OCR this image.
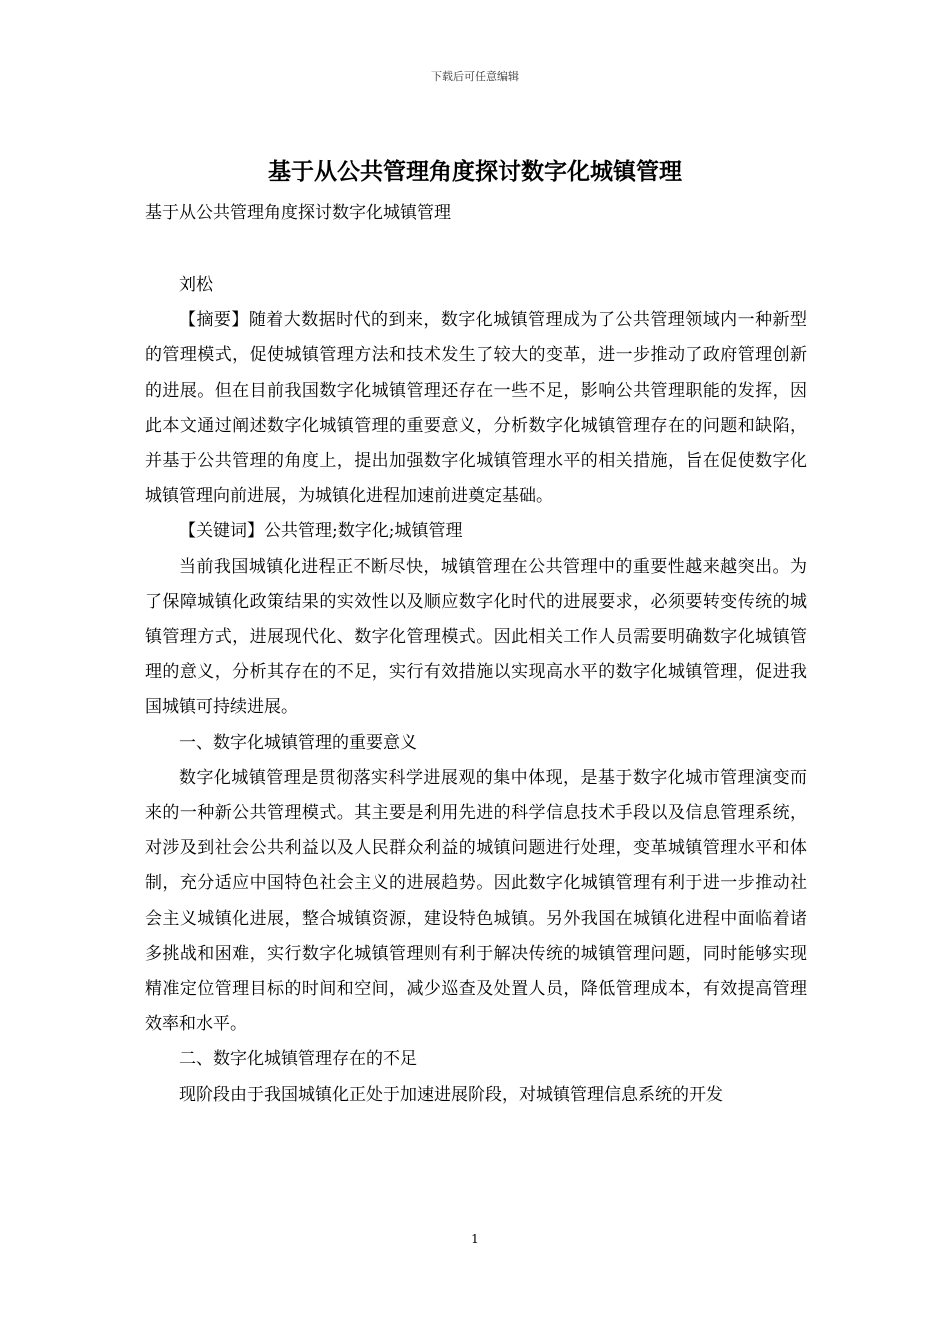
下载后可任意编辑
基于从公共管理角度探讨数字化城镇管理

基于从公共管理角度探讨数字化城镇管理

刘松

【摘要】随着大数据时代的到来，数字化城镇管理成为了公共管理领域内一种新型的管理模式，促使城镇管理方法和技术发生了较大的变革，进一步推动了政府管理创新的进展。但在目前我国数字化城镇管理还存在一些不足，影响公共管理职能的发挥，因此本文通过阐述数字化城镇管理的重要意义，分析数字化城镇管理存在的问题和缺陷，并基于公共管理的角度上，提出加强数字化城镇管理水平的相关措施，旨在促使数字化城镇管理向前进展，为城镇化进程加速前进奠定基础。

【关键词】公共管理;数字化;城镇管理

当前我国城镇化进程正不断尽快，城镇管理在公共管理中的重要性越来越突出。为了保障城镇化政策结果的实效性以及顺应数字化时代的进展要求，必须要转变传统的城镇管理方式，进展现代化、数字化管理模式。因此相关工作人员需要明确数字化城镇管理的意义，分析其存在的不足，实行有效措施以实现高水平的数字化城镇管理，促进我国城镇可持续进展。

一、数字化城镇管理的重要意义

数字化城镇管理是贯彻落实科学进展观的集中体现，是基于数字化城市管理演变而来的一种新公共管理模式。其主要是利用先进的科学信息技术手段以及信息管理系统，对涉及到社会公共利益以及人民群众利益的城镇问题进行处理，变革城镇管理水平和体制，充分适应中国特色社会主义的进展趋势。因此数字化城镇管理有利于进一步推动社会主义城镇化进展，整合城镇资源，建设特色城镇。另外我国在城镇化进程中面临着诸多挑战和困难，实行数字化城镇管理则有利于解决传统的城镇管理问题，同时能够实现精准定位管理目标的时间和空间，减少巡查及处置人员，降低管理成本，有效提高管理效率和水平。

二、数字化城镇管理存在的不足

现阶段由于我国城镇化正处于加速进展阶段，对城镇管理信息系统的开发

1
